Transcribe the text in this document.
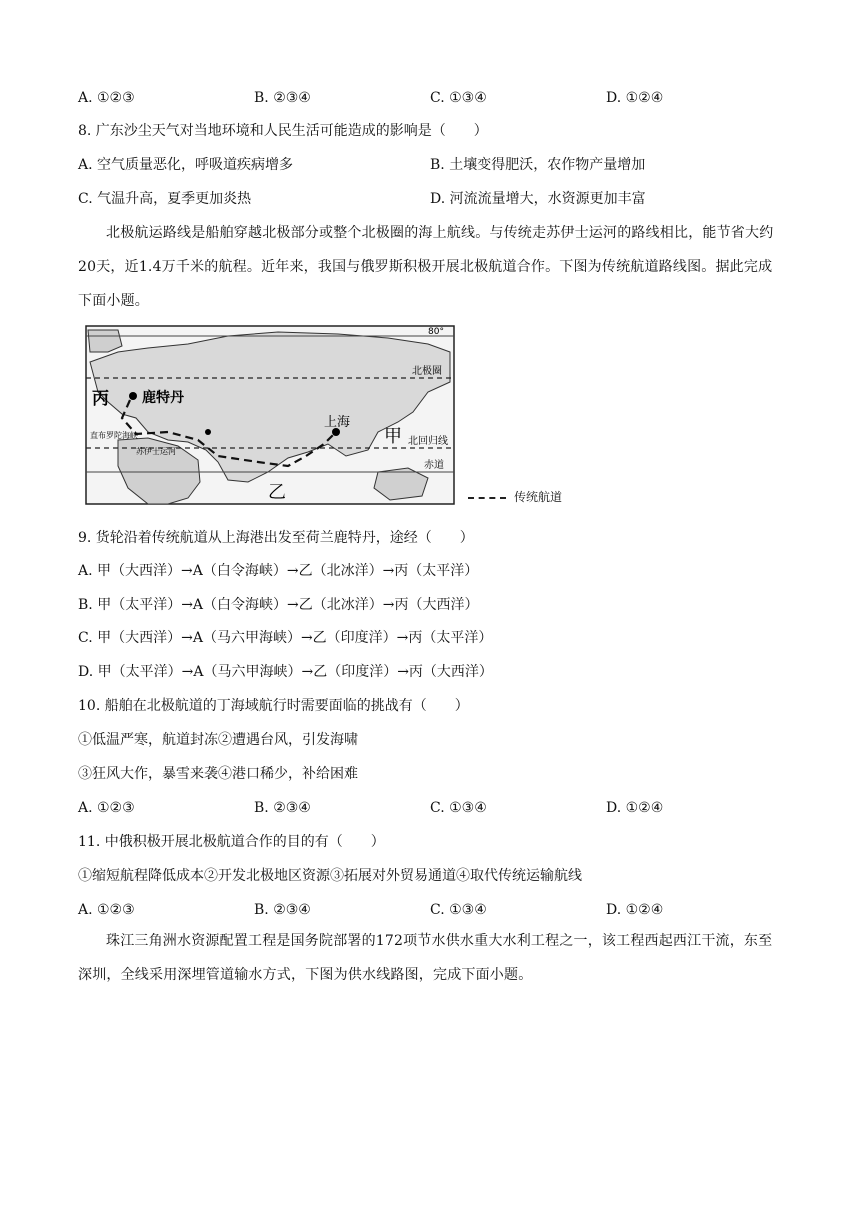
A. ①②③	B. ②③④	C. ①③④	D. ①②④
8. 广东沙尘天气对当地环境和人民生活可能造成的影响是（　　）
A. 空气质量恶化，呼吸道疾病增多	B. 土壤变得肥沃，农作物产量增加
C. 气温升高，夏季更加炎热	D. 河流流量增大，水资源更加丰富
北极航运路线是船舶穿越北极部分或整个北极圈的海上航线。与传统走苏伊士运河的路线相比，能节省大约20天，近1.4万千米的航程。近年来，我国与俄罗斯积极开展北极航道合作。下图为传统航道路线图。据此完成下面小题。
丙 鹿特丹
直布罗陀海峡
苏伊士运河
上海
甲
乙
北极圈
北回归线
赤道
80°
传统航道
9. 货轮沿着传统航道从上海港出发至荷兰鹿特丹，途经（　　）
A. 甲（大西洋）→A（白令海峡）→乙（北冰洋）→丙（太平洋）
B. 甲（太平洋）→A（白令海峡）→乙（北冰洋）→丙（大西洋）
C. 甲（大西洋）→A（马六甲海峡）→乙（印度洋）→丙（太平洋）
D. 甲（太平洋）→A（马六甲海峡）→乙（印度洋）→丙（大西洋）
10. 船舶在北极航道的丁海域航行时需要面临的挑战有（　　）
①低温严寒，航道封冻②遭遇台风，引发海啸
③狂风大作，暴雪来袭④港口稀少，补给困难
A. ①②③	B. ②③④	C. ①③④	D. ①②④
11. 中俄积极开展北极航道合作的目的有（　　）
①缩短航程降低成本②开发北极地区资源③拓展对外贸易通道④取代传统运输航线
A. ①②③	B. ②③④	C. ①③④	D. ①②④
珠江三角洲水资源配置工程是国务院部署的172项节水供水重大水利工程之一，该工程西起西江干流，东至深圳，全线采用深埋管道输水方式，下图为供水线路图，完成下面小题。
